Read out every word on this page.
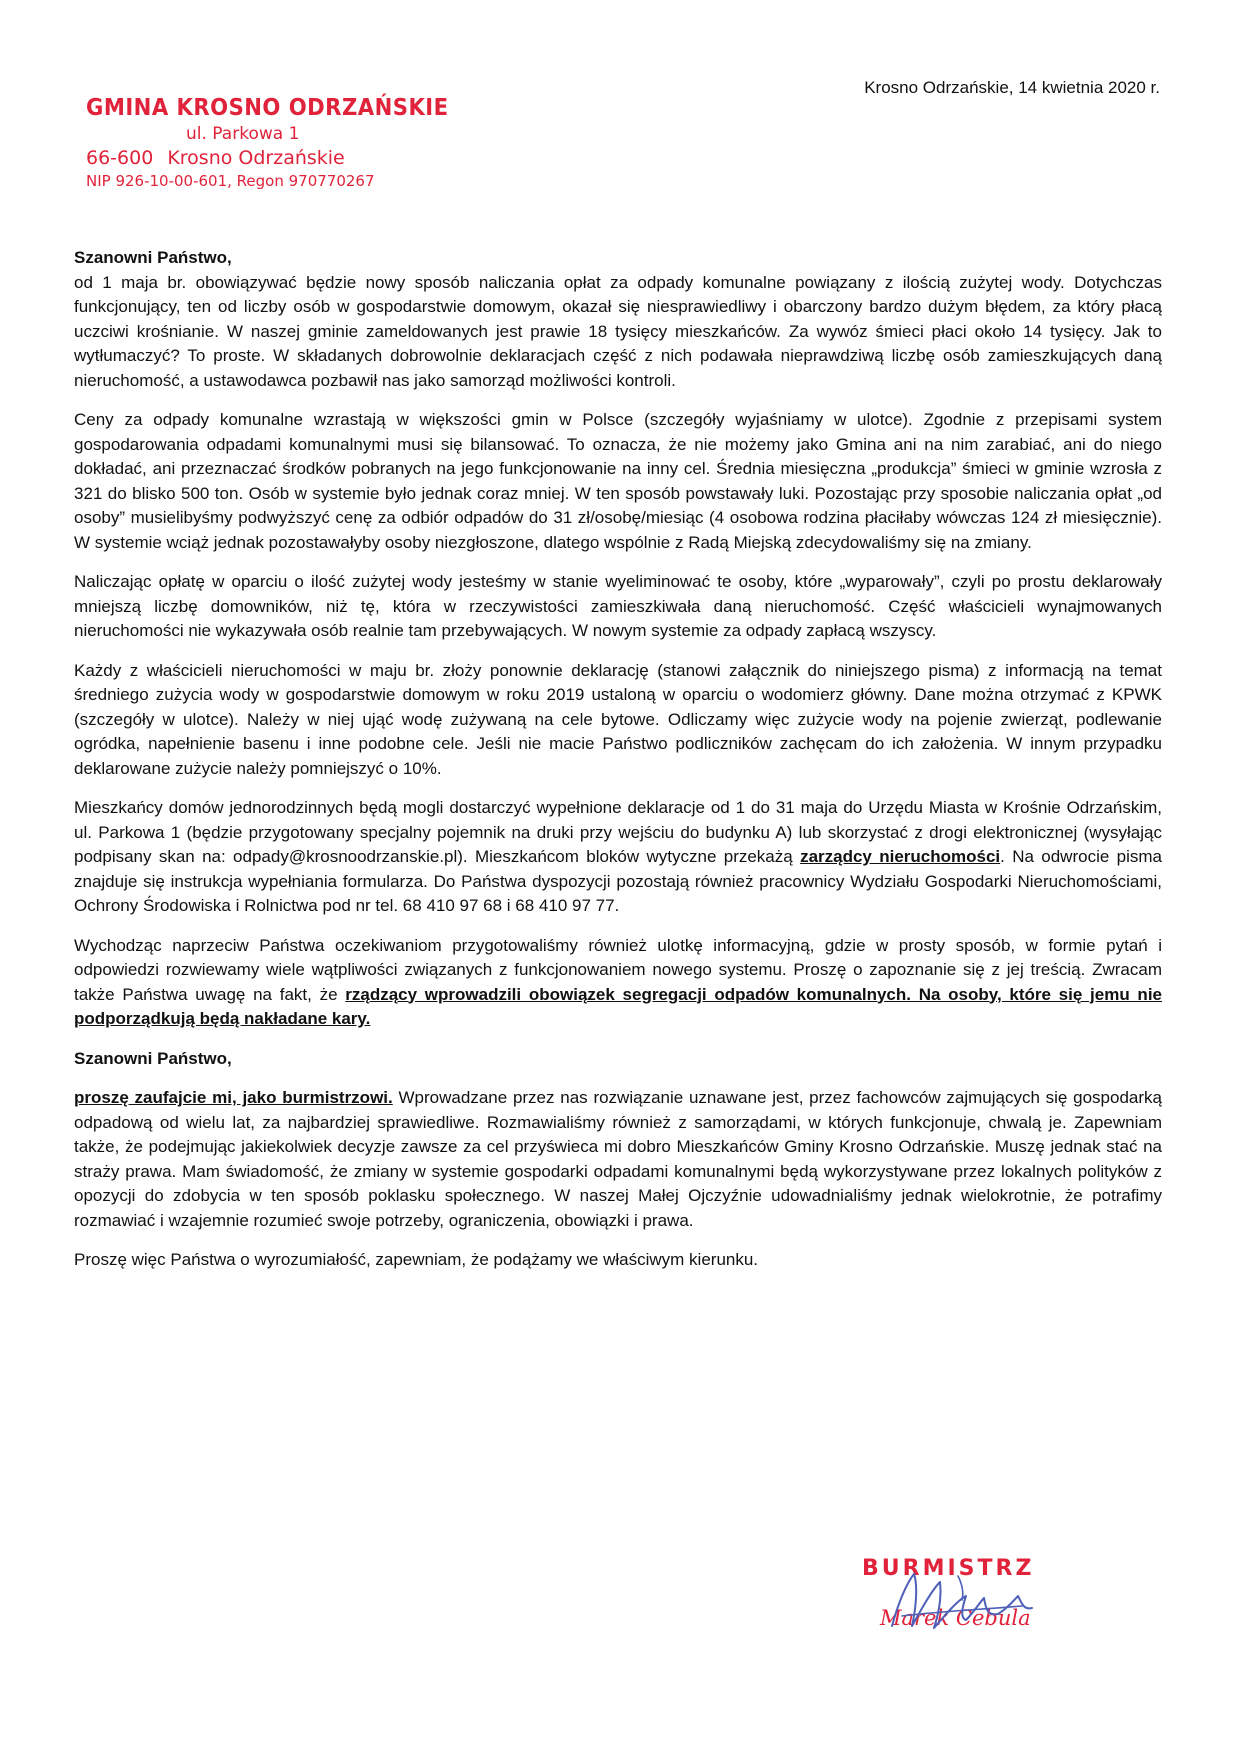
GMINA KROSNO ODRZAŃSKIE
ul. Parkowa 1
66-600 Krosno Odrzańskie
NIP 926-10-00-601, Regon 970770267
Krosno Odrzańskie, 14 kwietnia 2020 r.

Szanowni Państwo,

od 1 maja br. obowiązywać będzie nowy sposób naliczania opłat za odpady komunalne powiązany z ilością zużytej wody. Dotychczas funkcjonujący, ten od liczby osób w gospodarstwie domowym, okazał się niesprawiedliwy i obarczony bardzo dużym błędem, za który płacą uczciwi krośnianie. W naszej gminie zameldowanych jest prawie 18 tysięcy mieszkańców. Za wywóz śmieci płaci około 14 tysięcy. Jak to wytłumaczyć? To proste. W składanych dobrowolnie deklaracjach część z nich podawała nieprawdziwą liczbę osób zamieszkujących daną nieruchomość, a ustawodawca pozbawił nas jako samorząd możliwości kontroli.

Ceny za odpady komunalne wzrastają w większości gmin w Polsce (szczegóły wyjaśniamy w ulotce). Zgodnie z przepisami system gospodarowania odpadami komunalnymi musi się bilansować. To oznacza, że nie możemy jako Gmina ani na nim zarabiać, ani do niego dokładać, ani przeznaczać środków pobranych na jego funkcjonowanie na inny cel. Średnia miesięczna „produkcja” śmieci w gminie wzrosła z 321 do blisko 500 ton. Osób w systemie było jednak coraz mniej. W ten sposób powstawały luki. Pozostając przy sposobie naliczania opłat „od osoby” musielibyśmy podwyższyć cenę za odbiór odpadów do 31 zł/osobę/miesiąc (4 osobowa rodzina płaciłaby wówczas 124 zł miesięcznie). W systemie wciąż jednak pozostawałyby osoby niezgłoszone, dlatego wspólnie z Radą Miejską zdecydowaliśmy się na zmiany.

Naliczając opłatę w oparciu o ilość zużytej wody jesteśmy w stanie wyeliminować te osoby, które „wyparowały”, czyli po prostu deklarowały mniejszą liczbę domowników, niż tę, która w rzeczywistości zamieszkiwała daną nieruchomość. Część właścicieli wynajmowanych nieruchomości nie wykazywała osób realnie tam przebywających. W nowym systemie za odpady zapłacą wszyscy.

Każdy z właścicieli nieruchomości w maju br. złoży ponownie deklarację (stanowi załącznik do niniejszego pisma) z informacją na temat średniego zużycia wody w gospodarstwie domowym w roku 2019 ustaloną w oparciu o wodomierz główny. Dane można otrzymać z KPWK (szczegóły w ulotce). Należy w niej ująć wodę zużywaną na cele bytowe. Odliczamy więc zużycie wody na pojenie zwierząt, podlewanie ogródka, napełnienie basenu i inne podobne cele. Jeśli nie macie Państwo podliczników zachęcam do ich założenia. W innym przypadku deklarowane zużycie należy pomniejszyć o 10%.

Mieszkańcy domów jednorodzinnych będą mogli dostarczyć wypełnione deklaracje od 1 do 31 maja do Urzędu Miasta w Krośnie Odrzańskim, ul. Parkowa 1 (będzie przygotowany specjalny pojemnik na druki przy wejściu do budynku A) lub skorzystać z drogi elektronicznej (wysyłając podpisany skan na: odpady@krosnoodrzanskie.pl). Mieszkańcom bloków wytyczne przekażą zarządcy nieruchomości. Na odwrocie pisma znajduje się instrukcja wypełniania formularza. Do Państwa dyspozycji pozostają również pracownicy Wydziału Gospodarki Nieruchomościami, Ochrony Środowiska i Rolnictwa pod nr tel. 68 410 97 68 i 68 410 97 77.

Wychodząc naprzeciw Państwa oczekiwaniom przygotowaliśmy również ulotkę informacyjną, gdzie w prosty sposób, w formie pytań i odpowiedzi rozwiewamy wiele wątpliwości związanych z funkcjonowaniem nowego systemu. Proszę o zapoznanie się z jej treścią. Zwracam także Państwa uwagę na fakt, że rządzący wprowadzili obowiązek segregacji odpadów komunalnych. Na osoby, które się jemu nie podporządkują będą nakładane kary.

Szanowni Państwo,

proszę zaufajcie mi, jako burmistrzowi. Wprowadzane przez nas rozwiązanie uznawane jest, przez fachowców zajmujących się gospodarką odpadową od wielu lat, za najbardziej sprawiedliwe. Rozmawialiśmy również z samorządami, w których funkcjonuje, chwalą je. Zapewniam także, że podejmując jakiekolwiek decyzje zawsze za cel przyświeca mi dobro Mieszkańców Gminy Krosno Odrzańskie. Muszę jednak stać na straży prawa. Mam świadomość, że zmiany w systemie gospodarki odpadami komunalnymi będą wykorzystywane przez lokalnych polityków z opozycji do zdobycia w ten sposób poklasku społecznego. W naszej Małej Ojczyźnie udowadnialiśmy jednak wielokrotnie, że potrafimy rozmawiać i wzajemnie rozumieć swoje potrzeby, ograniczenia, obowiązki i prawa.

Proszę więc Państwa o wyrozumiałość, zapewniam, że podążamy we właściwym kierunku.

BURMISTRZ
Marek Cebula
